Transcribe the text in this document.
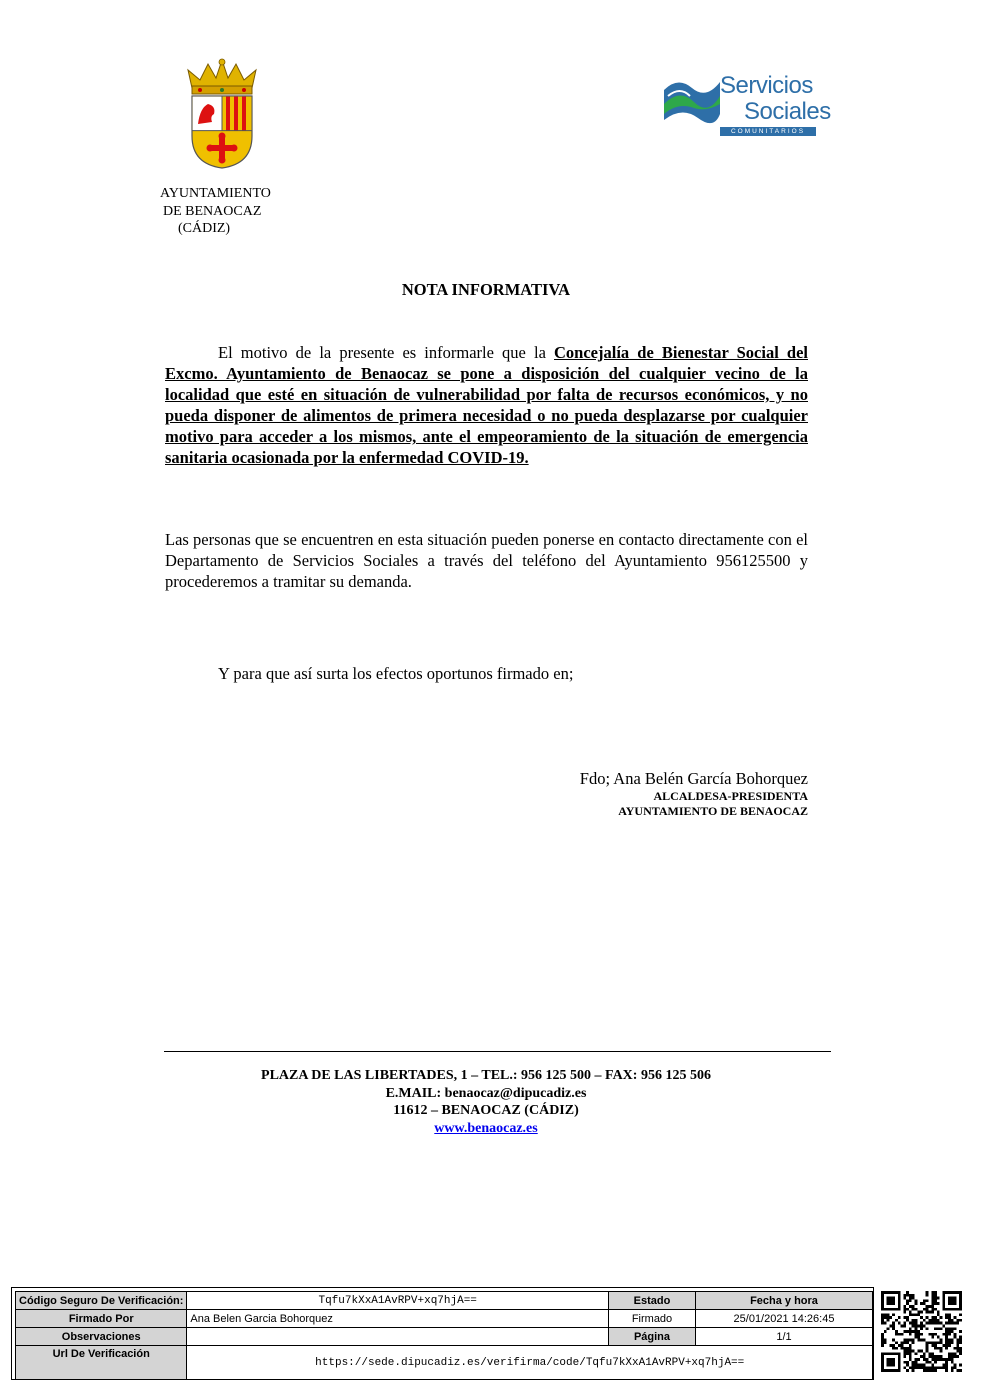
AYUNTAMIENTO
DE BENAOCAZ
(CÁDIZ)
Servicios
Sociales
COMUNITARIOS
NOTA INFORMATIVA
El motivo de la presente es informarle que la Concejalía de Bienestar Social del Excmo. Ayuntamiento de Benaocaz se pone a disposición del cualquier vecino de la localidad que esté en situación de vulnerabilidad por falta de recursos económicos, y no pueda disponer de alimentos de primera necesidad o no pueda desplazarse por cualquier motivo para acceder a los mismos, ante el empeoramiento de la situación de emergencia sanitaria ocasionada por la enfermedad COVID-19.
Las personas que se encuentren en esta situación pueden ponerse en contacto directamente con el Departamento de Servicios Sociales a través del teléfono del Ayuntamiento 956125500 y procederemos a tramitar su demanda.
Y para que así surta los efectos oportunos firmado en;
Fdo; Ana Belén García Bohorquez
ALCALDESA-PRESIDENTA
AYUNTAMIENTO DE BENAOCAZ
PLAZA DE LAS LIBERTADES, 1 – TEL.: 956 125 500 – FAX: 956 125 506
E.MAIL: benaocaz@dipucadiz.es
11612 – BENAOCAZ (CÁDIZ)
www.benaocaz.es
Código Seguro De Verificación:	Tqfu7kXxA1AvRPV+xq7hjA==	Estado	Fecha y hora
Firmado Por	Ana Belen Garcia Bohorquez	Firmado	25/01/2021 14:26:45
Observaciones		Página	1/1
Url De Verificación	https://sede.dipucadiz.es/verifirma/code/Tqfu7kXxA1AvRPV+xq7hjA==		
